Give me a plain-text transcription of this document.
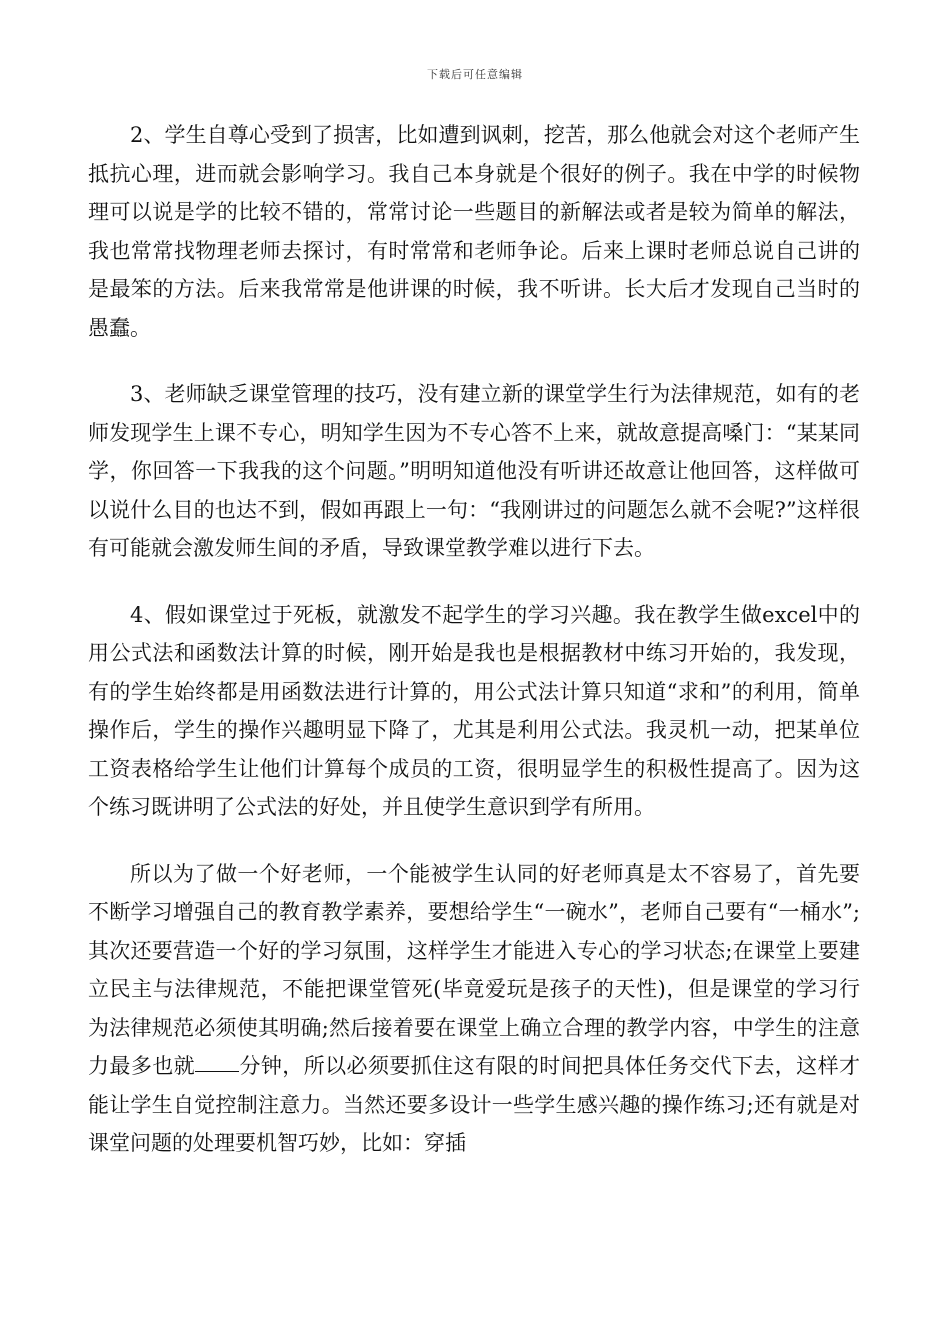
下载后可任意编辑

2、学生自尊心受到了损害，比如遭到讽刺，挖苦，那么他就会对这个老师产生抵抗心理，进而就会影响学习。我自己本身就是个很好的例子。我在中学的时候物理可以说是学的比较不错的，常常讨论一些题目的新解法或者是较为简单的解法，我也常常找物理老师去探讨，有时常常和老师争论。后来上课时老师总说自己讲的是最笨的方法。后来我常常是他讲课的时候，我不听讲。长大后才发现自己当时的愚蠢。

3、老师缺乏课堂管理的技巧，没有建立新的课堂学生行为法律规范，如有的老师发现学生上课不专心，明知学生因为不专心答不上来，就故意提高嗓门：“某某同学，你回答一下我我的这个问题。”明明知道他没有听讲还故意让他回答，这样做可以说什么目的也达不到，假如再跟上一句：“我刚讲过的问题怎么就不会呢?”这样很有可能就会激发师生间的矛盾，导致课堂教学难以进行下去。

4、假如课堂过于死板，就激发不起学生的学习兴趣。我在教学生做excel中的用公式法和函数法计算的时候，刚开始是我也是根据教材中练习开始的，我发现，有的学生始终都是用函数法进行计算的，用公式法计算只知道“求和”的利用，简单操作后，学生的操作兴趣明显下降了，尤其是利用公式法。我灵机一动，把某单位工资表格给学生让他们计算每个成员的工资，很明显学生的积极性提高了。因为这个练习既讲明了公式法的好处，并且使学生意识到学有所用。

所以为了做一个好老师，一个能被学生认同的好老师真是太不容易了，首先要不断学习增强自己的教育教学素养，要想给学生“一碗水”，老师自己要有“一桶水”;其次还要营造一个好的学习氛围，这样学生才能进入专心的学习状态;在课堂上要建立民主与法律规范，不能把课堂管死(毕竟爱玩是孩子的天性)，但是课堂的学习行为法律规范必须使其明确;然后接着要在课堂上确立合理的教学内容，中学生的注意力最多也就 分钟，所以必须要抓住这有限的时间把具体任务交代下去，这样才能让学生自觉控制注意力。当然还要多设计一些学生感兴趣的操作练习;还有就是对课堂问题的处理要机智巧妙，比如：穿插
